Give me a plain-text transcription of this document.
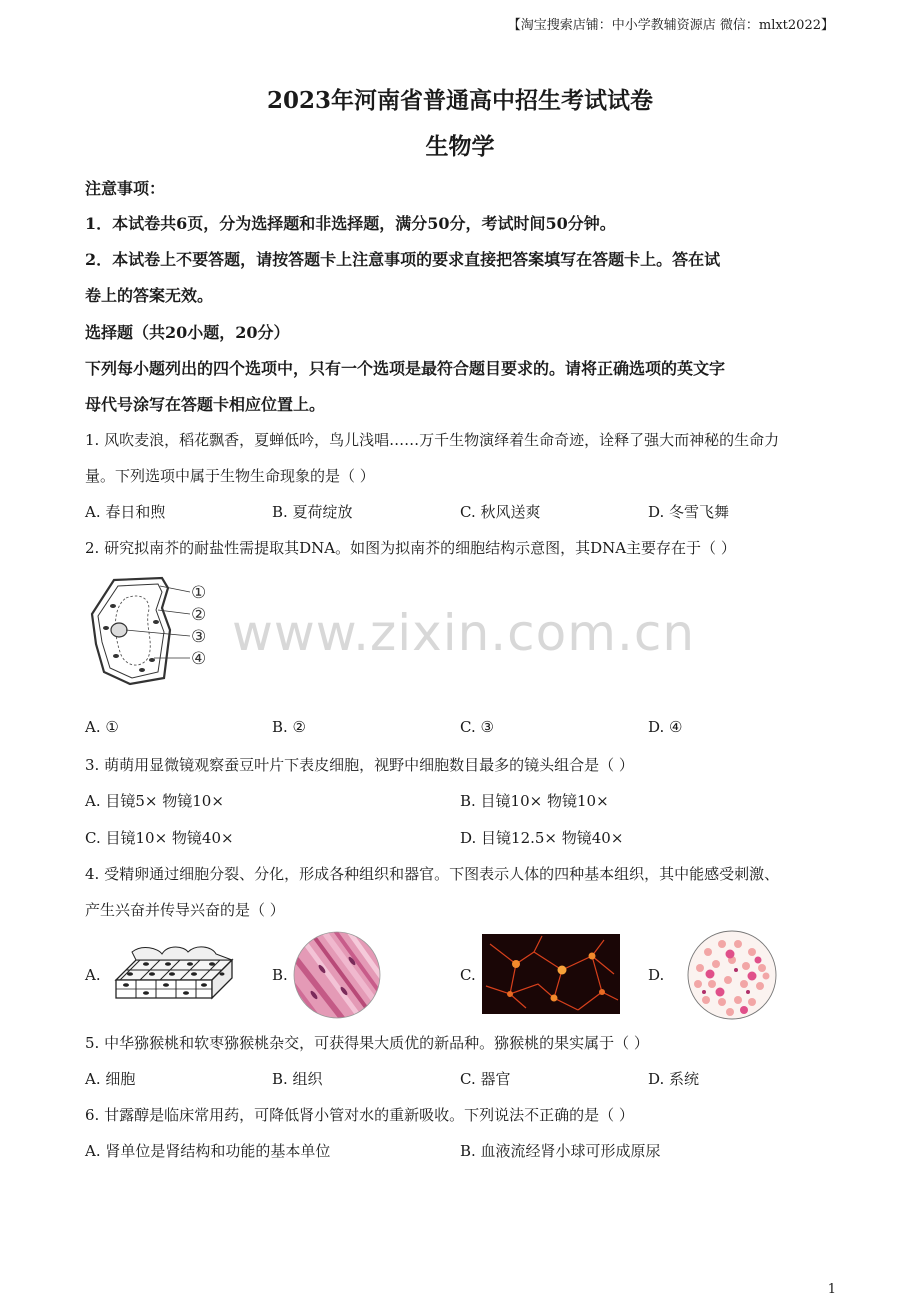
【淘宝搜索店铺：中小学教辅资源店 微信：mlxt2022】
2023年河南省普通高中招生考试试卷
生物学
注意事项：
1．本试卷共6页，分为选择题和非选择题，满分50分，考试时间50分钟。
2．本试卷上不要答题，请按答题卡上注意事项的要求直接把答案填写在答题卡上。答在试
卷上的答案无效。
选择题（共20小题，20分）
下列每小题列出的四个选项中，只有一个选项是最符合题目要求的。请将正确选项的英文字
母代号涂写在答题卡相应位置上。
1. 风吹麦浪，稻花飘香，夏蝉低吟，鸟儿浅唱……万千生物演绎着生命奇迹，诠释了强大而神秘的生命力
量。下列选项中属于生物生命现象的是（ ）
A. 春日和煦	B. 夏荷绽放	C. 秋风送爽	D. 冬雪飞舞
2. 研究拟南芥的耐盐性需提取其DNA。如图为拟南芥的细胞结构示意图，其DNA主要存在于（ ）
①
②
③
④
A. ①	B. ②	C. ③	D. ④
3. 萌萌用显微镜观察蚕豆叶片下表皮细胞，视野中细胞数目最多的镜头组合是（ ）
A. 目镜5× 物镜10×	B. 目镜10× 物镜10×
C. 目镜10× 物镜40×	D. 目镜12.5× 物镜40×
4. 受精卵通过细胞分裂、分化，形成各种组织和器官。下图表示人体的四种基本组织，其中能感受刺激、
产生兴奋并传导兴奋的是（ ）
A.	B.	C.	D.
5. 中华猕猴桃和软枣猕猴桃杂交，可获得果大质优的新品种。猕猴桃的果实属于（ ）
A. 细胞	B. 组织	C. 器官	D. 系统
6. 甘露醇是临床常用药，可降低肾小管对水的重新吸收。下列说法不正确的是（ ）
A. 肾单位是肾结构和功能的基本单位	B. 血液流经肾小球可形成原尿
www.zixin.com.cn
1
